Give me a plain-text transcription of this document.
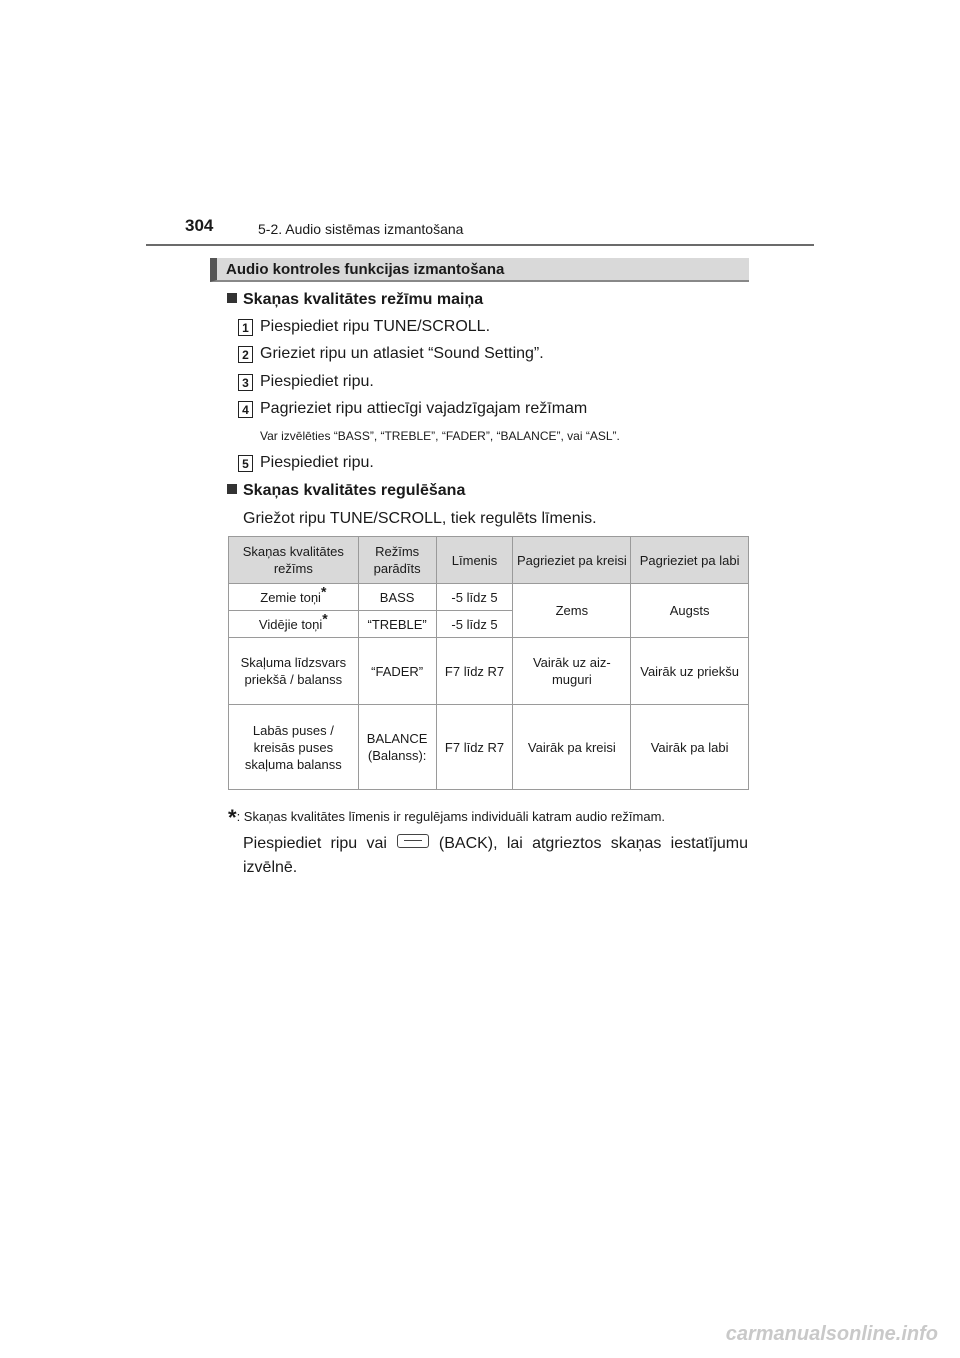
304	5-2. Audio sistēmas izmantošana
Audio kontroles funkcijas izmantošana
Skaņas kvalitātes režīmu maiņa
1 Piespiediet ripu TUNE/SCROLL.
2 Grieziet ripu un atlasiet “Sound Setting”.
3 Piespiediet ripu.
4 Pagrieziet ripu attiecīgi vajadzīgajam režīmam
Var izvēlēties “BASS”, “TREBLE”, “FADER”, “BALANCE”, vai “ASL”.
5 Piespiediet ripu.
Skaņas kvalitātes regulēšana
Griežot ripu TUNE/SCROLL, tiek regulēts līmenis.
Skaņas kvalitātes režīms	Režīms parādīts	Līmenis	Pagrieziet pa kreisi	Pagrieziet pa labi
Zemie toņi*	BASS	-5 līdz 5	Zems	Augsts
Vidējie toņi*	“TREBLE”	-5 līdz 5		
Skaļuma līdzsvars priekšā / balanss	“FADER”	F7 līdz R7	Vairāk uz aiz-muguri	Vairāk uz priekšu
Labās puses / kreisās puses skaļuma balanss	BALANCE (Balanss):	F7 līdz R7	Vairāk pa kreisi	Vairāk pa labi
*: Skaņas kvalitātes līmenis ir regulējams individuāli katram audio režīmam.
Piespiediet ripu vai	(BACK), lai atgrieztos skaņas iestatījumu izvēlnē.
carmanualsonline.info
